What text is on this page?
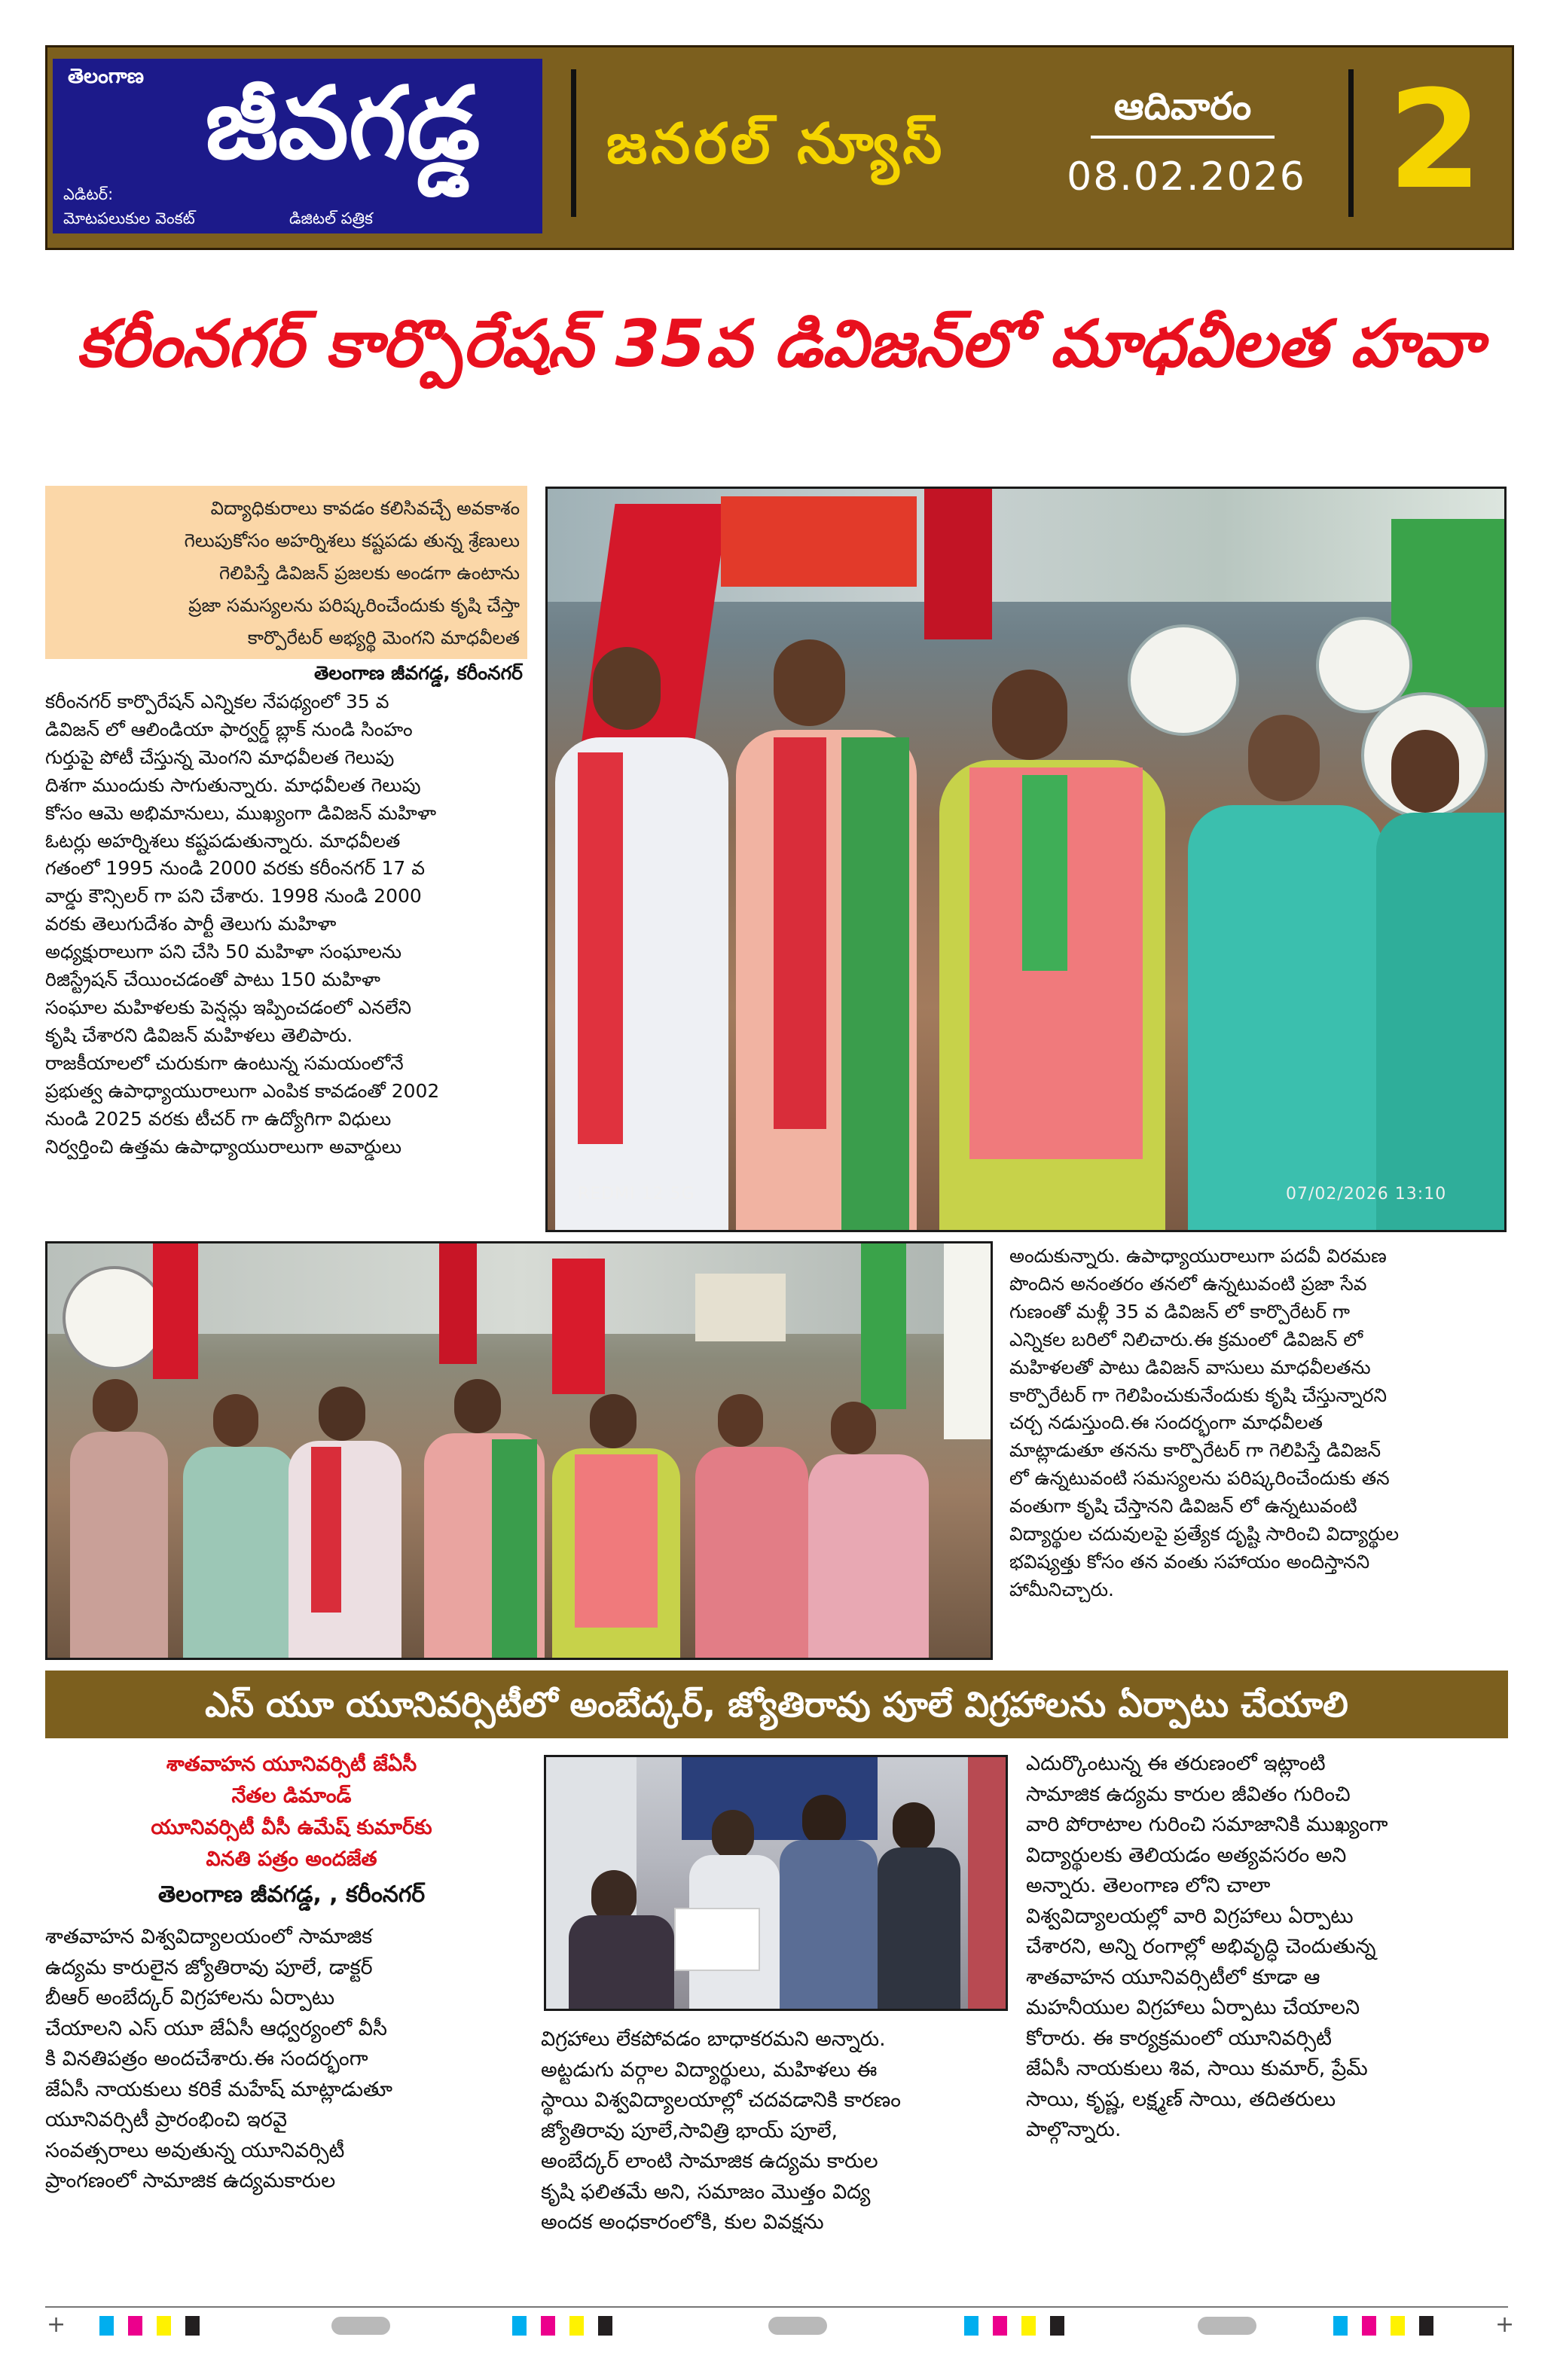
తెలంగాణ జీవగడ్డ
ఎడిటర్:
మోటపలుకుల వెంకట్	డిజిటల్ పత్రిక
జనరల్ న్యూస్
ఆదివారం
08.02.2026 2
కరీంనగర్ కార్పొరేషన్ 35వ డివిజన్‌లో మాధవీలత హవా
విద్యాధికురాలు కావడం కలిసివచ్చే అవకాశం
గెలుపుకోసం అహర్నిశలు కష్టపడు తున్న శ్రేణులు
గెలిపిస్తే డివిజన్ ప్రజలకు అండగా ఉంటాను
ప్రజా సమస్యలను పరిష్కరించేందుకు కృషి చేస్తా
కార్పొరేటర్ అభ్యర్థి మెంగని మాధవీలత
తెలంగాణ జీవగడ్డ, కరీంనగర్
కరీంనగర్ కార్పొరేషన్ ఎన్నికల నేపథ్యంలో 35 వ
డివిజన్ లో ఆలిండియా ఫార్వర్డ్ బ్లాక్ నుండి సింహం
గుర్తుపై పోటీ చేస్తున్న మెంగని మాధవీలత గెలుపు
దిశగా ముందుకు సాగుతున్నారు. మాధవీలత గెలుపు
కోసం ఆమె అభిమానులు, ముఖ్యంగా డివిజన్ మహిళా
ఓటర్లు అహర్నిశలు కష్టపడుతున్నారు. మాధవీలత
గతంలో 1995 నుండి 2000 వరకు కరీంనగర్ 17 వ
వార్డు కౌన్సిలర్ గా పని చేశారు. 1998 నుండి 2000
వరకు తెలుగుదేశం పార్టీ తెలుగు మహిళా
అధ్యక్షురాలుగా పని చేసి 50 మహిళా సంఘాలను
రిజిస్ట్రేషన్ చేయించడంతో పాటు 150 మహిళా
సంఘాల మహిళలకు పెన్షన్లు ఇప్పించడంలో ఎనలేని
కృషి చేశారని డివిజన్ మహిళలు తెలిపారు.
రాజకీయాలలో చురుకుగా ఉంటున్న సమయంలోనే
ప్రభుత్వ ఉపాధ్యాయురాలుగా ఎంపిక కావడంతో 2002
నుండి 2025 వరకు టీచర్ గా ఉద్యోగిగా విధులు
నిర్వర్తించి ఉత్తమ ఉపాధ్యాయురాలుగా అవార్డులు
REDMI 12 5G	07/02/2026 13:10
అందుకున్నారు. ఉపాధ్యాయురాలుగా పదవీ విరమణ
పొందిన అనంతరం తనలో ఉన్నటువంటి ప్రజా సేవ
గుణంతో మళ్లీ 35 వ డివిజన్ లో కార్పొరేటర్ గా
ఎన్నికల బరిలో నిలిచారు.ఈ క్రమంలో డివిజన్ లో
మహిళలతో పాటు డివిజన్ వాసులు మాధవీలతను
కార్పొరేటర్ గా గెలిపించుకునేందుకు కృషి చేస్తున్నారని
చర్చ నడుస్తుంది.ఈ సందర్భంగా మాధవీలత
మాట్లాడుతూ తనను కార్పొరేటర్ గా గెలిపిస్తే డివిజన్
లో ఉన్నటువంటి సమస్యలను పరిష్కరించేందుకు తన
వంతుగా కృషి చేస్తానని డివిజన్ లో ఉన్నటువంటి
విద్యార్థుల చదువులపై ప్రత్యేక దృష్టి సారించి విద్యార్థుల
భవిష్యత్తు కోసం తన వంతు సహాయం అందిస్తానని
హామీనిచ్చారు.
ఎస్ యూ యూనివర్సిటీలో అంబేద్కర్, జ్యోతిరావు పూలే విగ్రహాలను ఏర్పాటు చేయాలి
శాతవాహన యూనివర్సిటీ జేఏసీ
నేతల డిమాండ్
యూనివర్సిటీ వీసీ ఉమేష్ కుమార్‌కు
వినతి పత్రం అందజేత
తెలంగాణ జీవగడ్డ, , కరీంనగర్
శాతవాహన విశ్వవిద్యాలయంలో సామాజిక
ఉద్యమ కారులైన జ్యోతిరావు పూలే, డాక్టర్
బీఆర్ అంబేద్కర్ విగ్రహాలను ఏర్పాటు
చేయాలని ఎస్ యూ జేఏసీ ఆధ్వర్యంలో వీసీ
కి వినతిపత్రం అందచేశారు.ఈ సందర్భంగా
జేఏసీ నాయకులు కరికే మహేష్ మాట్లాడుతూ
యూనివర్సిటీ ప్రారంభించి ఇరవై
సంవత్సరాలు అవుతున్న యూనివర్సిటీ
ప్రాంగణంలో సామాజిక ఉద్యమకారుల
విగ్రహాలు లేకపోవడం బాధాకరమని అన్నారు.
అట్టడుగు వర్గాల విద్యార్థులు, మహిళలు ఈ
స్థాయి విశ్వవిద్యాలయాల్లో చదవడానికి కారణం
జ్యోతిరావు పూలే,సావిత్రి భాయ్ పూలే,
అంబేద్కర్ లాంటి సామాజిక ఉద్యమ కారుల
కృషి ఫలితమే అని, సమాజం మొత్తం విద్య
అందక అంధకారంలోకి, కుల వివక్షను
ఎదుర్కొంటున్న ఈ తరుణంలో ఇట్లాంటి
సామాజిక ఉద్యమ కారుల జీవితం గురించి
వారి పోరాటాల గురించి సమాజానికి ముఖ్యంగా
విద్యార్థులకు తెలియడం అత్యవసరం అని
అన్నారు. తెలంగాణ లోని చాలా
విశ్వవిద్యాలయల్లో వారి విగ్రహాలు ఏర్పాటు
చేశారని, అన్ని రంగాల్లో అభివృద్ధి చెందుతున్న
శాతవాహన యూనివర్సిటీలో కూడా ఆ
మహనీయుల విగ్రహాలు ఏర్పాటు చేయాలని
కోరారు. ఈ కార్యక్రమంలో యూనివర్సిటీ
జేఏసీ నాయకులు శివ, సాయి కుమార్, ప్రేమ్
సాయి, కృష్ణ, లక్ష్మణ్ సాయి, తదితరులు
పాల్గొన్నారు.
+	+
